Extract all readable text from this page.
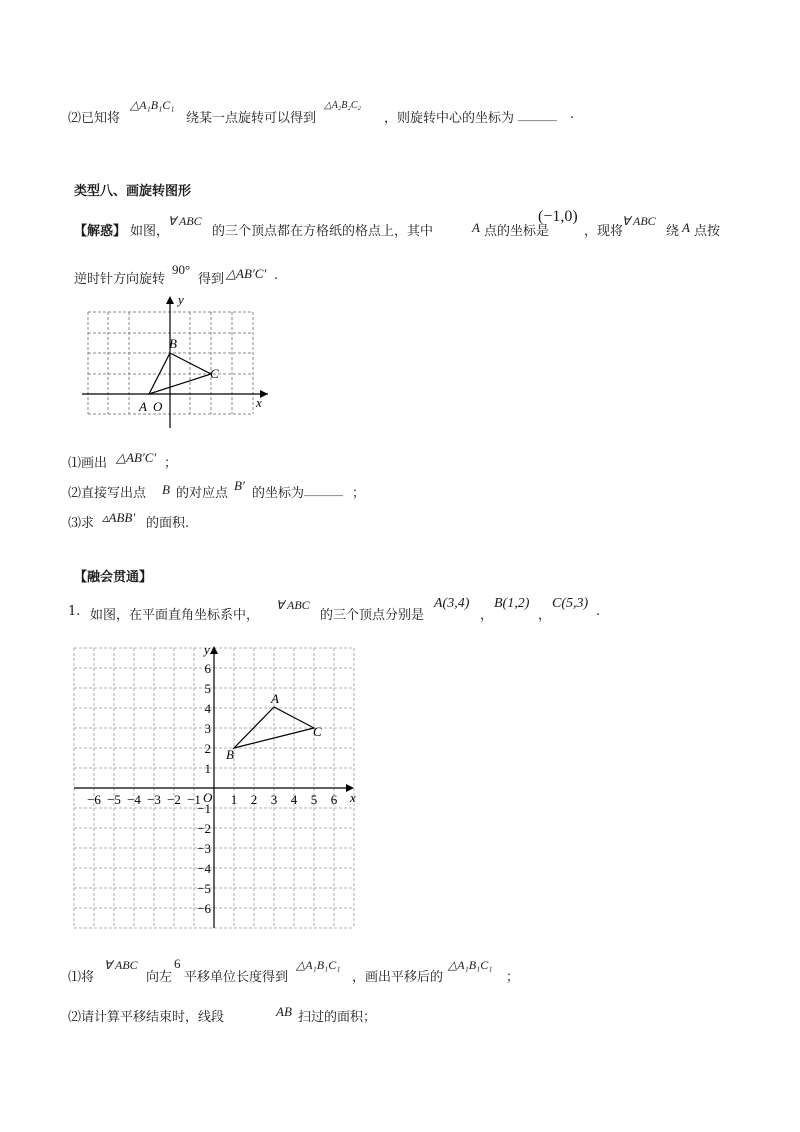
⑵已知将
△A₁B₁C₁
绕某一点旋转可以得到
△A₂B₂C₂
，则旋转中心的坐标为 ______ .
类型八、画旋转图形
【解惑】 如图，
∀ ABC
的三个顶点都在方格纸的格点上，其中	A 点的坐标是
(−1,0)
，现将
∀ ABC
绕 A 点按
逆时针方向旋转
90°
得到 △AB′C′ .
x
y
A O
B
C
⑴画出 △AB′C′ ；
⑵直接写出点 B 的对应点
B′
的坐标为 ______ ；
⑶求 ▵ABB′ 的面积.
【融会贯通】
1. 如图，在平面直角坐标系中，
∀ ABC
的三个顶点分别是
A(3,4)
，
B(1,2)
，
C(5,3)
.
−6 −5 −4 −3 −2 −1 1 2 3 4 5 6
6
5
4
3
2
1
−1
−2
−3
−4
−5
−6
O	x
y
A
B
C
⑴将
∀ ABC
向左
6
平移单位长度得到
△A₁B₁C₁
，画出平移后的
△A₁B₁C₁
；
⑵请计算平移结束时，线段	AB 扫过的面积；
